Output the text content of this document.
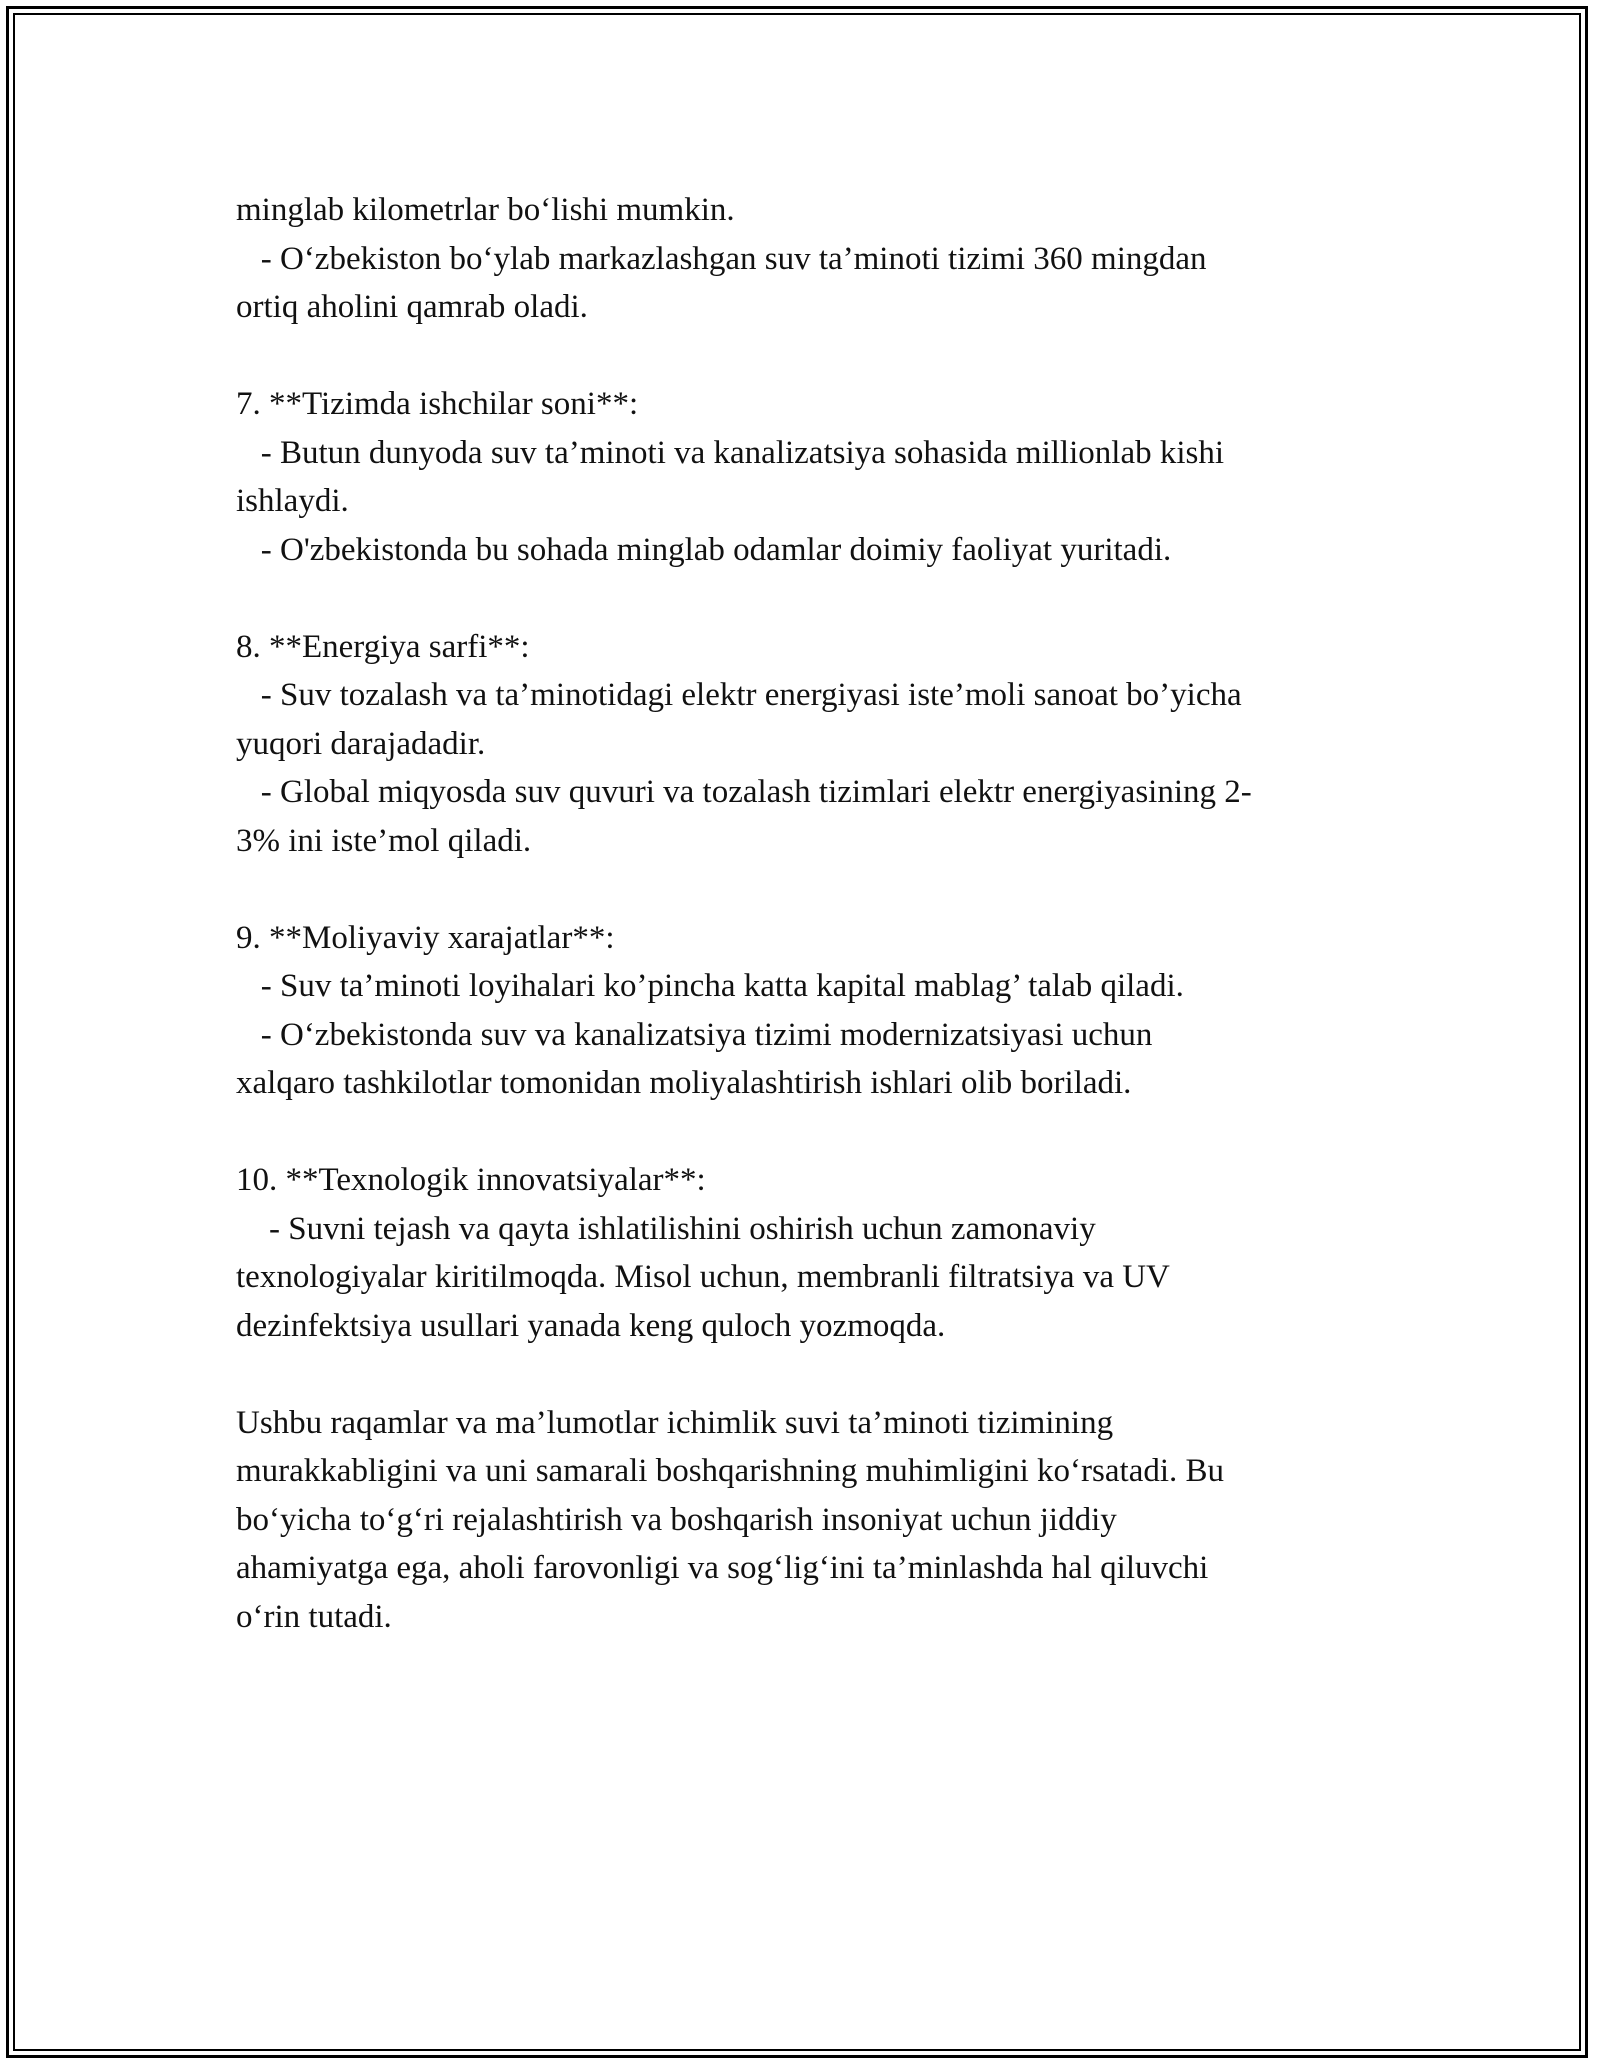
minglab kilometrlar bo‘lishi mumkin.
- O‘zbekiston bo‘ylab markazlashgan suv ta’minoti tizimi 360 mingdan
ortiq aholini qamrab oladi.
7. **Tizimda ishchilar soni**:
- Butun dunyoda suv ta’minoti va kanalizatsiya sohasida millionlab kishi
ishlaydi.
- O'zbekistonda bu sohada minglab odamlar doimiy faoliyat yuritadi.
8. **Energiya sarfi**:
- Suv tozalash va ta’minotidagi elektr energiyasi iste’moli sanoat bo’yicha
yuqori darajadadir.
- Global miqyosda suv quvuri va tozalash tizimlari elektr energiyasining 2-
3% ini iste’mol qiladi.
9. **Moliyaviy xarajatlar**:
- Suv ta’minoti loyihalari ko’pincha katta kapital mablag’ talab qiladi.
- O‘zbekistonda suv va kanalizatsiya tizimi modernizatsiyasi uchun
xalqaro tashkilotlar tomonidan moliyalashtirish ishlari olib boriladi.
10. **Texnologik innovatsiyalar**:
- Suvni tejash va qayta ishlatilishini oshirish uchun zamonaviy
texnologiyalar kiritilmoqda. Misol uchun, membranli filtratsiya va UV
dezinfektsiya usullari yanada keng quloch yozmoqda.
Ushbu raqamlar va ma’lumotlar ichimlik suvi ta’minoti tizimining
murakkabligini va uni samarali boshqarishning muhimligini ko‘rsatadi. Bu
bo‘yicha to‘g‘ri rejalashtirish va boshqarish insoniyat uchun jiddiy
ahamiyatga ega, aholi farovonligi va sog‘lig‘ini ta’minlashda hal qiluvchi
o‘rin tutadi.
